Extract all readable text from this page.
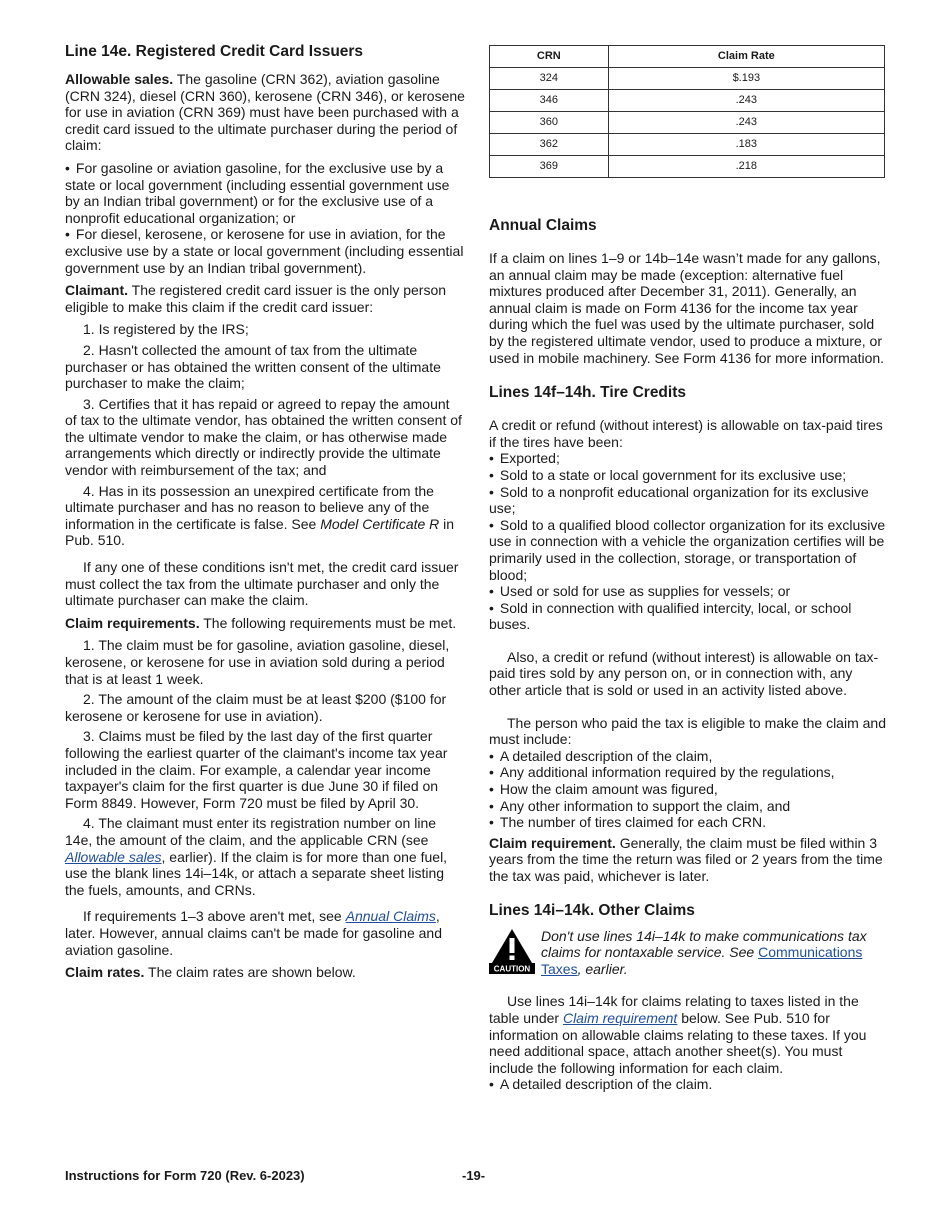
Line 14e. Registered Credit Card Issuers

Allowable sales. The gasoline (CRN 362), aviation gasoline (CRN 324), diesel (CRN 360), kerosene (CRN 346), or kerosene for use in aviation (CRN 369) must have been purchased with a credit card issued to the ultimate purchaser during the period of claim:

• For gasoline or aviation gasoline, for the exclusive use by a state or local government (including essential government use by an Indian tribal government) or for the exclusive use of a nonprofit educational organization; or

• For diesel, kerosene, or kerosene for use in aviation, for the exclusive use by a state or local government (including essential government use by an Indian tribal government).

Claimant. The registered credit card issuer is the only person eligible to make this claim if the credit card issuer:

1. Is registered by the IRS;

2. Hasn't collected the amount of tax from the ultimate purchaser or has obtained the written consent of the ultimate purchaser to make the claim;

3. Certifies that it has repaid or agreed to repay the amount of tax to the ultimate vendor, has obtained the written consent of the ultimate vendor to make the claim, or has otherwise made arrangements which directly or indirectly provide the ultimate vendor with reimbursement of the tax; and

4. Has in its possession an unexpired certificate from the ultimate purchaser and has no reason to believe any of the information in the certificate is false. See Model Certificate R in Pub. 510.

If any one of these conditions isn't met, the credit card issuer must collect the tax from the ultimate purchaser and only the ultimate purchaser can make the claim.

Claim requirements. The following requirements must be met.

1. The claim must be for gasoline, aviation gasoline, diesel, kerosene, or kerosene for use in aviation sold during a period that is at least 1 week.

2. The amount of the claim must be at least $200 ($100 for kerosene or kerosene for use in aviation).

3. Claims must be filed by the last day of the first quarter following the earliest quarter of the claimant's income tax year included in the claim. For example, a calendar year income taxpayer's claim for the first quarter is due June 30 if filed on Form 8849. However, Form 720 must be filed by April 30.

4. The claimant must enter its registration number on line 14e, the amount of the claim, and the applicable CRN (see Allowable sales, earlier). If the claim is for more than one fuel, use the blank lines 14i–14k, or attach a separate sheet listing the fuels, amounts, and CRNs.

If requirements 1–3 above aren't met, see Annual Claims, later. However, annual claims can't be made for gasoline and aviation gasoline.

Claim rates. The claim rates are shown below.

CRN	Claim Rate
324	$.193
346	.243
360	.243
362	.183
369	.218
Annual Claims

If a claim on lines 1–9 or 14b–14e wasn’t made for any gallons, an annual claim may be made (exception: alternative fuel mixtures produced after December 31, 2011). Generally, an annual claim is made on Form 4136 for the income tax year during which the fuel was used by the ultimate purchaser, sold by the registered ultimate vendor, used to produce a mixture, or used in mobile machinery. See Form 4136 for more information.

Lines 14f–14h. Tire Credits

A credit or refund (without interest) is allowable on tax-paid tires if the tires have been:

• Exported;

• Sold to a state or local government for its exclusive use;

• Sold to a nonprofit educational organization for its exclusive use;

• Sold to a qualified blood collector organization for its exclusive use in connection with a vehicle the organization certifies will be primarily used in the collection, storage, or transportation of blood;

• Used or sold for use as supplies for vessels; or

• Sold in connection with qualified intercity, local, or school buses.

Also, a credit or refund (without interest) is allowable on tax-paid tires sold by any person on, or in connection with, any other article that is sold or used in an activity listed above.

The person who paid the tax is eligible to make the claim and must include:

• A detailed description of the claim,

• Any additional information required by the regulations,

• How the claim amount was figured,

• Any other information to support the claim, and

• The number of tires claimed for each CRN.

Claim requirement. Generally, the claim must be filed within 3 years from the time the return was filed or 2 years from the time the tax was paid, whichever is later.

Lines 14i–14k. Other Claims
CAUTION
Don't use lines 14i–14k to make communications tax claims for nontaxable service. See Communications Taxes, earlier.

Use lines 14i–14k for claims relating to taxes listed in the table under Claim requirement below. See Pub. 510 for information on allowable claims relating to these taxes. If you need additional space, attach another sheet(s). You must include the following information for each claim.

• A detailed description of the claim.

Instructions for Form 720 (Rev. 6-2023)	-19-
